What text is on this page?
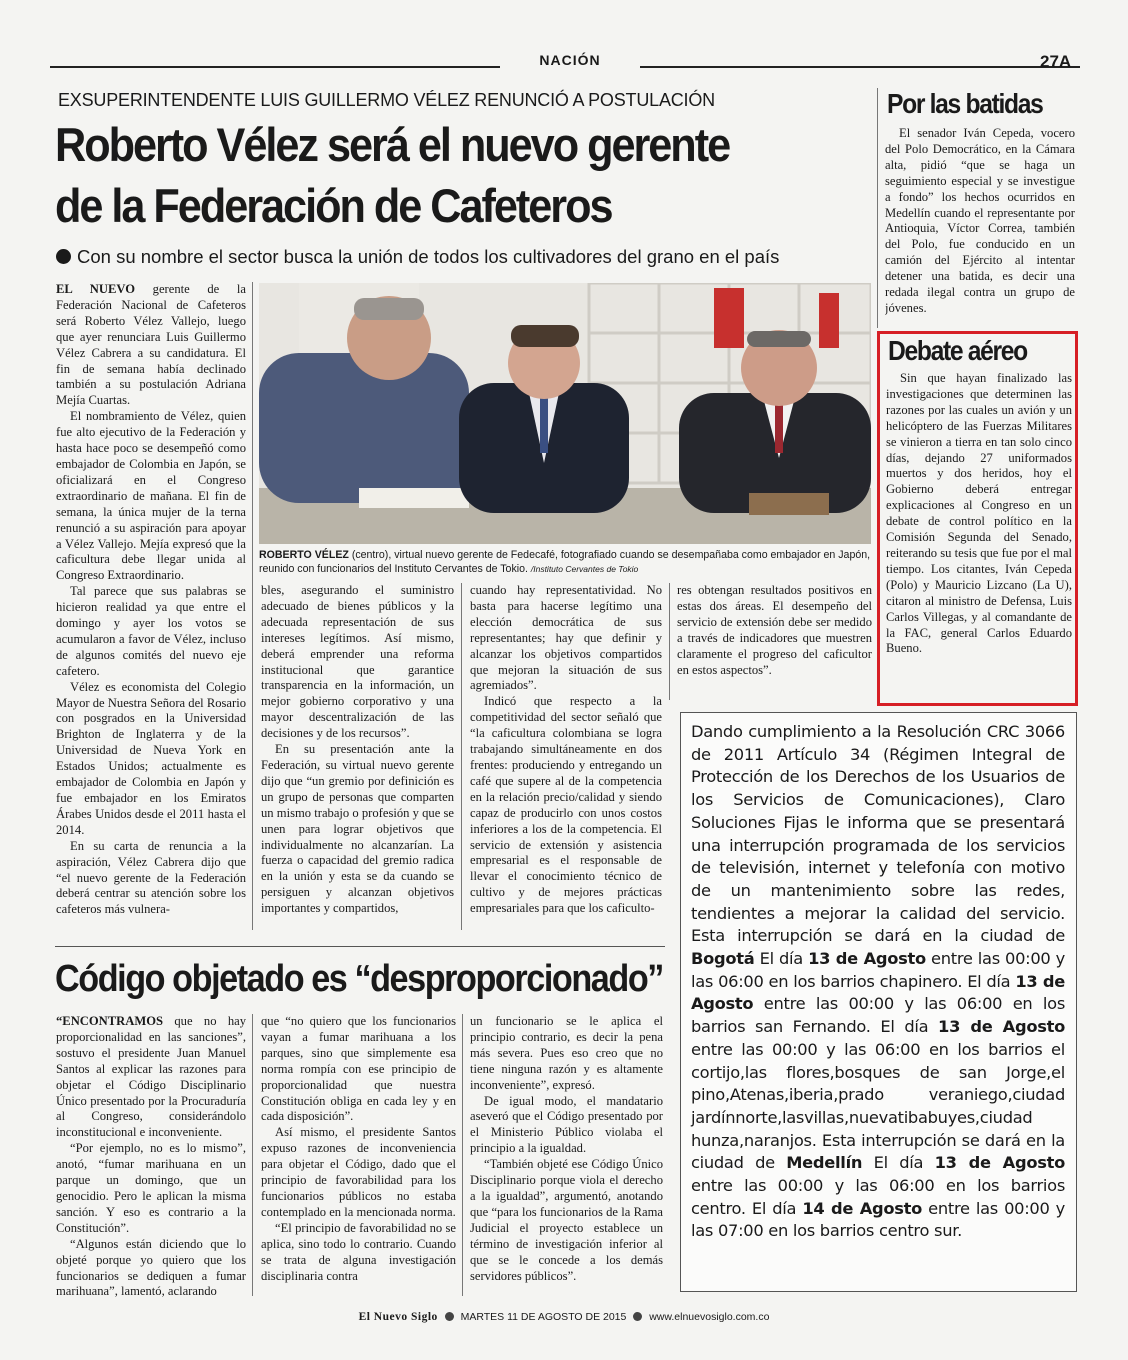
NACIÓN	27A
EXSUPERINTENDENTE LUIS GUILLERMO VÉLEZ RENUNCIÓ A POSTULACIÓN
Roberto Vélez será el nuevo gerente
de la Federación de Cafeteros
Con su nombre el sector busca la unión de todos los cultivadores del grano en el país

EL NUEVO gerente de la Federación Nacional de Cafeteros será Roberto Vélez Vallejo, luego que ayer renunciara Luis Guillermo Vélez Cabrera a su candidatura. El fin de semana había declinado también a su postulación Adriana Mejía Cuartas.

El nombramiento de Vélez, quien fue alto ejecutivo de la Federación y hasta hace poco se desempeñó como embajador de Colombia en Japón, se oficializará en el Congreso extraordinario de mañana. El fin de semana, la única mujer de la terna renunció a su aspiración para apoyar a Vélez Vallejo. Mejía expresó que la caficultura debe llegar unida al Congreso Extraordinario.

Tal parece que sus palabras se hicieron realidad ya que entre el domingo y ayer los votos se acumularon a favor de Vélez, incluso de algunos comités del nuevo eje cafetero.

Vélez es economista del Colegio Mayor de Nuestra Señora del Rosario con posgrados en la Universidad Brighton de Inglaterra y de la Universidad de Nueva York en Estados Unidos; actualmente es embajador de Colombia en Japón y fue embajador en los Emiratos Árabes Unidos desde el 2011 hasta el 2014.

En su carta de renuncia a la aspiración, Vélez Cabrera dijo que “el nuevo gerente de la Federación deberá centrar su atención sobre los cafeteros más vulnera-

ROBERTO VÉLEZ (centro), virtual nuevo gerente de Fedecafé, fotografiado cuando se desempañaba como embajador en Japón, reunido con funcionarios del Instituto Cervantes de Tokio. /Instituto Cervantes de Tokio

bles, asegurando el suministro adecuado de bienes públicos y la adecuada representación de sus intereses legítimos. Así mismo, deberá emprender una reforma institucional que garantice transparencia en la información, un mejor gobierno corporativo y una mayor descentralización de las decisiones y de los recursos”.

En su presentación ante la Federación, su virtual nuevo gerente dijo que “un gremio por definición es un grupo de personas que comparten un mismo trabajo o profesión y que se unen para lograr objetivos que individualmente no alcanzarían. La fuerza o capacidad del gremio radica en la unión y esta se da cuando se persiguen y alcanzan objetivos importantes y compartidos,

cuando hay representatividad. No basta para hacerse legítimo una elección democrática de sus representantes; hay que definir y alcanzar los objetivos compartidos que mejoran la situación de sus agremiados”.

Indicó que respecto a la competitividad del sector señaló que “la caficultura colombiana se logra trabajando simultáneamente en dos frentes: produciendo y entregando un café que supere al de la competencia en la relación precio/calidad y siendo capaz de producirlo con unos costos inferiores a los de la competencia. El servicio de extensión y asistencia empresarial es el responsable de llevar el conocimiento técnico de cultivo y de mejores prácticas empresariales para que los caficulto-

res obtengan resultados positivos en estas dos áreas. El desempeño del servicio de extensión debe ser medido a través de indicadores que muestren claramente el progreso del caficultor en estos aspectos”.

Por las batidas

El senador Iván Cepeda, vocero del Polo Democrático, en la Cámara alta, pidió “que se haga un seguimiento especial y se investigue a fondo” los hechos ocurridos en Medellín cuando el representante por Antioquia, Víctor Correa, también del Polo, fue conducido en un camión del Ejército al intentar detener una batida, es decir una redada ilegal contra un grupo de jóvenes.

Debate aéreo

Sin que hayan finalizado las investigaciones que determinen las razones por las cuales un avión y un helicóptero de las Fuerzas Militares se vinieron a tierra en tan solo cinco días, dejando 27 uniformados muertos y dos heridos, hoy el Gobierno deberá entregar explicaciones al Congreso en un debate de control político en la Comisión Segunda del Senado, reiterando su tesis que fue por el mal tiempo. Los citantes, Iván Cepeda (Polo) y Mauricio Lizcano (La U), citaron al ministro de Defensa, Luis Carlos Villegas, y al comandante de la FAC, general Carlos Eduardo Bueno.

Dando cumplimiento a la Resolución CRC 3066 de 2011 Artículo 34 (Régimen Integral de Protección de los Derechos de los Usuarios de los Servicios de Comunicaciones), Claro Soluciones Fijas le informa que se presentará una interrupción programada de los servicios de televisión, internet y telefonía con motivo de un mantenimiento sobre las redes, tendientes a mejorar la calidad del servicio. Esta interrupción se dará en la ciudad de Bogotá El día 13 de Agosto entre las 00:00 y las 06:00 en los barrios chapinero. El día 13 de Agosto entre las 00:00 y las 06:00 en los barrios san Fernando. El día 13 de Agosto entre las 00:00 y las 06:00 en los barrios el cortijo,las flores,bosques de san Jorge,el pino,Atenas,iberia,prado veraniego,ciudad jardínnorte,lasvillas,nuevatibabuyes,ciudad hunza,naranjos. Esta interrupción se dará en la ciudad de Medellín El día 13 de Agosto entre las 00:00 y las 06:00 en los barrios centro. El día 14 de Agosto entre las 00:00 y las 07:00 en los barrios centro sur.
Código objetado es “desproporcionado”

“ENCONTRAMOS que no hay proporcionalidad en las sanciones”, sostuvo el presidente Juan Manuel Santos al explicar las razones para objetar el Código Disciplinario Único presentado por la Procuraduría al Congreso, considerándolo inconstitucional e inconveniente.

“Por ejemplo, no es lo mismo”, anotó, “fumar marihuana en un parque un domingo, que un genocidio. Pero le aplican la misma sanción. Y eso es contrario a la Constitución”.

“Algunos están diciendo que lo objeté porque yo quiero que los funcionarios se dediquen a fumar marihuana”, lamentó, aclarando

que “no quiero que los funcionarios vayan a fumar marihuana a los parques, sino que simplemente esa norma rompía con ese principio de proporcionalidad que nuestra Constitución obliga en cada ley y en cada disposición”.

Así mismo, el presidente Santos expuso razones de inconveniencia para objetar el Código, dado que el principio de favorabilidad para los funcionarios públicos no estaba contemplado en la mencionada norma.

“El principio de favorabilidad no se aplica, sino todo lo contrario. Cuando se trata de alguna investigación disciplinaria contra

un funcionario se le aplica el principio contrario, es decir la pena más severa. Pues eso creo que no tiene ninguna razón y es altamente inconveniente”, expresó.

De igual modo, el mandatario aseveró que el Código presentado por el Ministerio Público violaba el principio a la igualdad.

“También objeté ese Código Único Disciplinario porque viola el derecho a la igualdad”, argumentó, anotando que “para los funcionarios de la Rama Judicial el proyecto establece un término de investigación inferior al que se le concede a los demás servidores públicos”.

El Nuevo Siglo MARTES 11 DE AGOSTO DE 2015 www.elnuevosiglo.com.co
